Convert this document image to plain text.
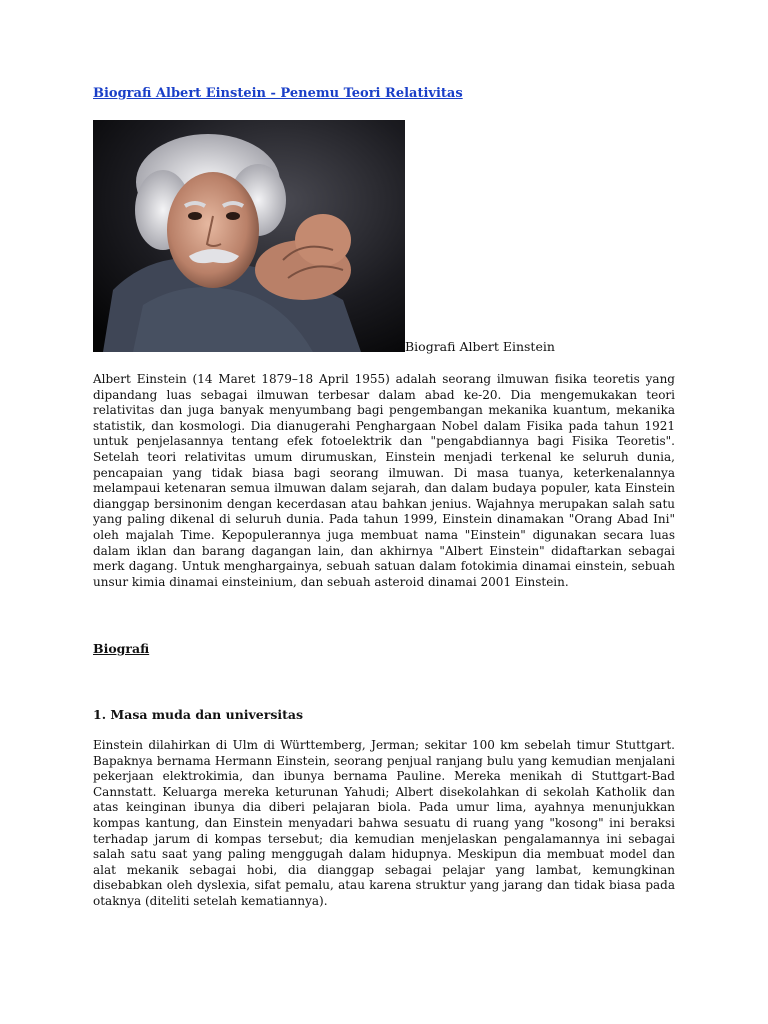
Biografi Albert Einstein - Penemu Teori Relativitas
Biografi Albert Einstein

Albert Einstein (14 Maret 1879–18 April 1955) adalah seorang ilmuwan fisika teoretis yang dipandang luas sebagai ilmuwan terbesar dalam abad ke-20. Dia mengemukakan teori relativitas dan juga banyak menyumbang bagi pengembangan mekanika kuantum, mekanika statistik, dan kosmologi. Dia dianugerahi Penghargaan Nobel dalam Fisika pada tahun 1921 untuk penjelasannya tentang efek fotoelektrik dan "pengabdiannya bagi Fisika Teoretis". Setelah teori relativitas umum dirumuskan, Einstein menjadi terkenal ke seluruh dunia, pencapaian yang tidak biasa bagi seorang ilmuwan. Di masa tuanya, keterkenalannya melampaui ketenaran semua ilmuwan dalam sejarah, dan dalam budaya populer, kata Einstein dianggap bersinonim dengan kecerdasan atau bahkan jenius. Wajahnya merupakan salah satu yang paling dikenal di seluruh dunia. Pada tahun 1999, Einstein dinamakan "Orang Abad Ini" oleh majalah Time. Kepopulerannya juga membuat nama "Einstein" digunakan secara luas dalam iklan dan barang dagangan lain, dan akhirnya "Albert Einstein" didaftarkan sebagai merk dagang. Untuk menghargainya, sebuah satuan dalam fotokimia dinamai einstein, sebuah unsur kimia dinamai einsteinium, dan sebuah asteroid dinamai 2001 Einstein.

Biografi
1. Masa muda dan universitas

Einstein dilahirkan di Ulm di Württemberg, Jerman; sekitar 100 km sebelah timur Stuttgart. Bapaknya bernama Hermann Einstein, seorang penjual ranjang bulu yang kemudian menjalani pekerjaan elektrokimia, dan ibunya bernama Pauline. Mereka menikah di Stuttgart-Bad Cannstatt. Keluarga mereka keturunan Yahudi; Albert disekolahkan di sekolah Katholik dan atas keinginan ibunya dia diberi pelajaran biola. Pada umur lima, ayahnya menunjukkan kompas kantung, dan Einstein menyadari bahwa sesuatu di ruang yang "kosong" ini beraksi terhadap jarum di kompas tersebut; dia kemudian menjelaskan pengalamannya ini sebagai salah satu saat yang paling menggugah dalam hidupnya. Meskipun dia membuat model dan alat mekanik sebagai hobi, dia dianggap sebagai pelajar yang lambat, kemungkinan disebabkan oleh dyslexia, sifat pemalu, atau karena struktur yang jarang dan tidak biasa pada otaknya (diteliti setelah kematiannya).
